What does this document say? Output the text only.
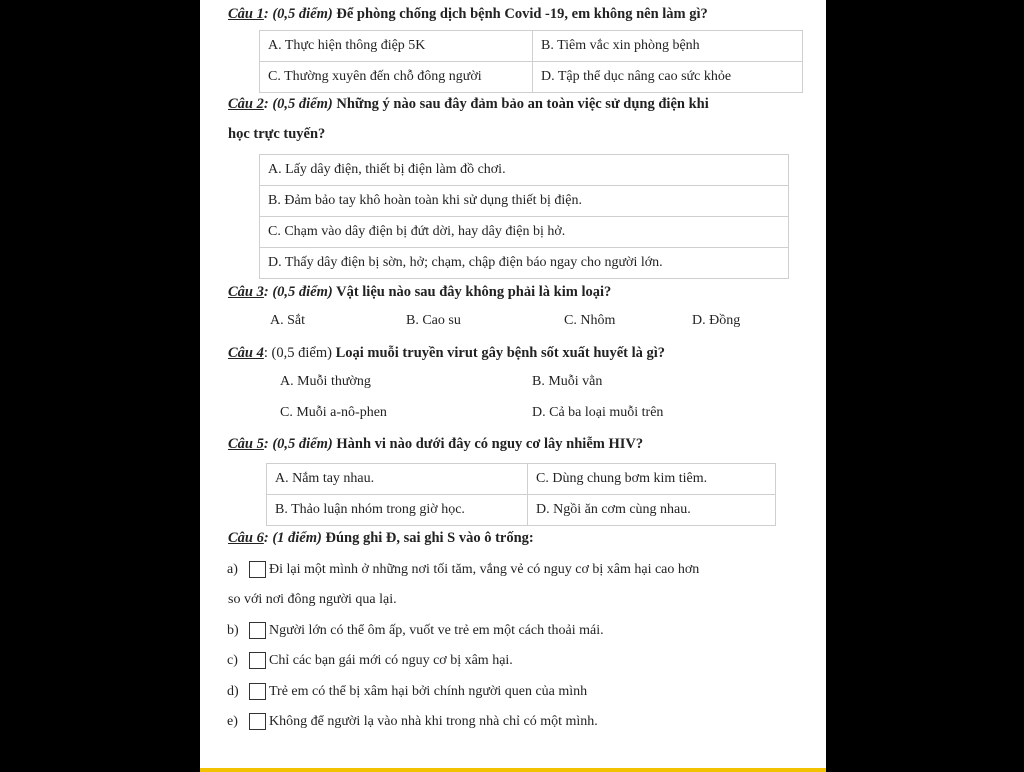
Câu 1: (0,5 điểm) Để phòng chống dịch bệnh Covid -19, em không nên làm gì?
A. Thực hiện thông điệp 5K	B. Tiêm vắc xin phòng bệnh
C. Thường xuyên đến chỗ đông người	D. Tập thể dục nâng cao sức khỏe
Câu 2: (0,5 điểm) Những ý nào sau đây đảm bảo an toàn việc sử dụng điện khi
học trực tuyến?
A. Lấy dây điện, thiết bị điện làm đồ chơi.
B. Đảm bảo tay khô hoàn toàn khi sử dụng thiết bị điện.
C. Chạm vào dây điện bị đứt dời, hay dây điện bị hở.
D. Thấy dây điện bị sờn, hở; chạm, chập điện báo ngay cho người lớn.
Câu 3: (0,5 điểm) Vật liệu nào sau đây không phải là kim loại?
A. Sắt	B. Cao su	C. Nhôm	D. Đồng
Câu 4: (0,5 điểm) Loại muỗi truyền virut gây bệnh sốt xuất huyết là gì?
A. Muỗi thường	B. Muỗi vằn
C. Muỗi a-nô-phen	D. Cả ba loại muỗi trên
Câu 5: (0,5 điểm) Hành vi nào dưới đây có nguy cơ lây nhiễm HIV?
A. Nắm tay nhau.	C. Dùng chung bơm kim tiêm.
B. Thảo luận nhóm trong giờ học.	D. Ngồi ăn cơm cùng nhau.
Câu 6: (1 điểm) Đúng ghi Đ, sai ghi S vào ô trống:
a)	Đi lại một mình ở những nơi tối tăm, vắng vẻ có nguy cơ bị xâm hại cao hơn
so với nơi đông người qua lại.
b)	Người lớn có thể ôm ấp, vuốt ve trẻ em một cách thoải mái.
c)	Chỉ các bạn gái mới có nguy cơ bị xâm hại.
d)	Trẻ em có thể bị xâm hại bởi chính người quen của mình
e)	Không để người lạ vào nhà khi trong nhà chỉ có một mình.
